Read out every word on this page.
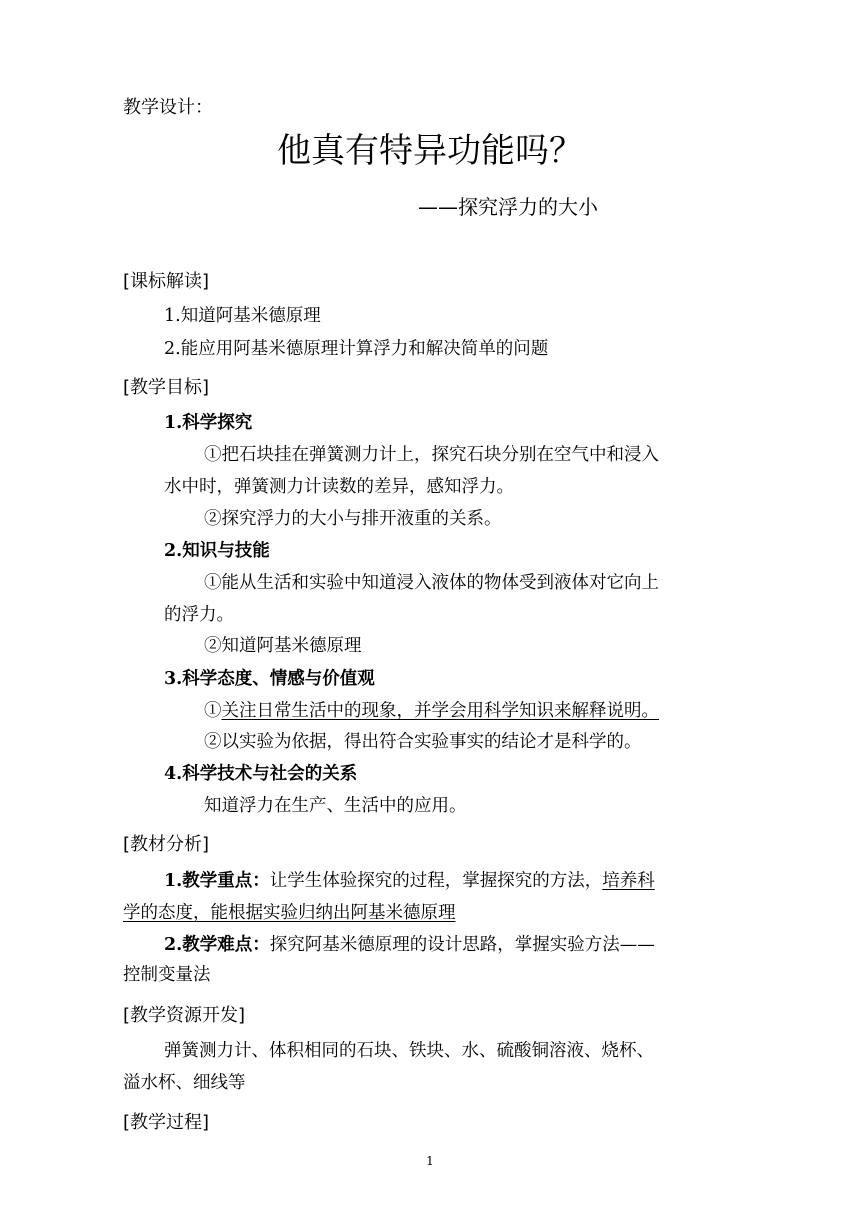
教学设计：
他真有特异功能吗？
——探究浮力的大小
[课标解读]
1.知道阿基米德原理
2.能应用阿基米德原理计算浮力和解决简单的问题
[教学目标]
1.科学探究
①把石块挂在弹簧测力计上，探究石块分别在空气中和浸入
水中时，弹簧测力计读数的差异，感知浮力。
②探究浮力的大小与排开液重的关系。
2.知识与技能
①能从生活和实验中知道浸入液体的物体受到液体对它向上
的浮力。
②知道阿基米德原理
3.科学态度、情感与价值观
①关注日常生活中的现象，并学会用科学知识来解释说明。
②以实验为依据，得出符合实验事实的结论才是科学的。
4.科学技术与社会的关系
知道浮力在生产、生活中的应用。
[教材分析]
1.教学重点：让学生体验探究的过程，掌握探究的方法，培养科
学的态度，能根据实验归纳出阿基米德原理
2.教学难点：探究阿基米德原理的设计思路，掌握实验方法——
控制变量法
[教学资源开发]
弹簧测力计、体积相同的石块、铁块、水、硫酸铜溶液、烧杯、
溢水杯、细线等
[教学过程]
1
